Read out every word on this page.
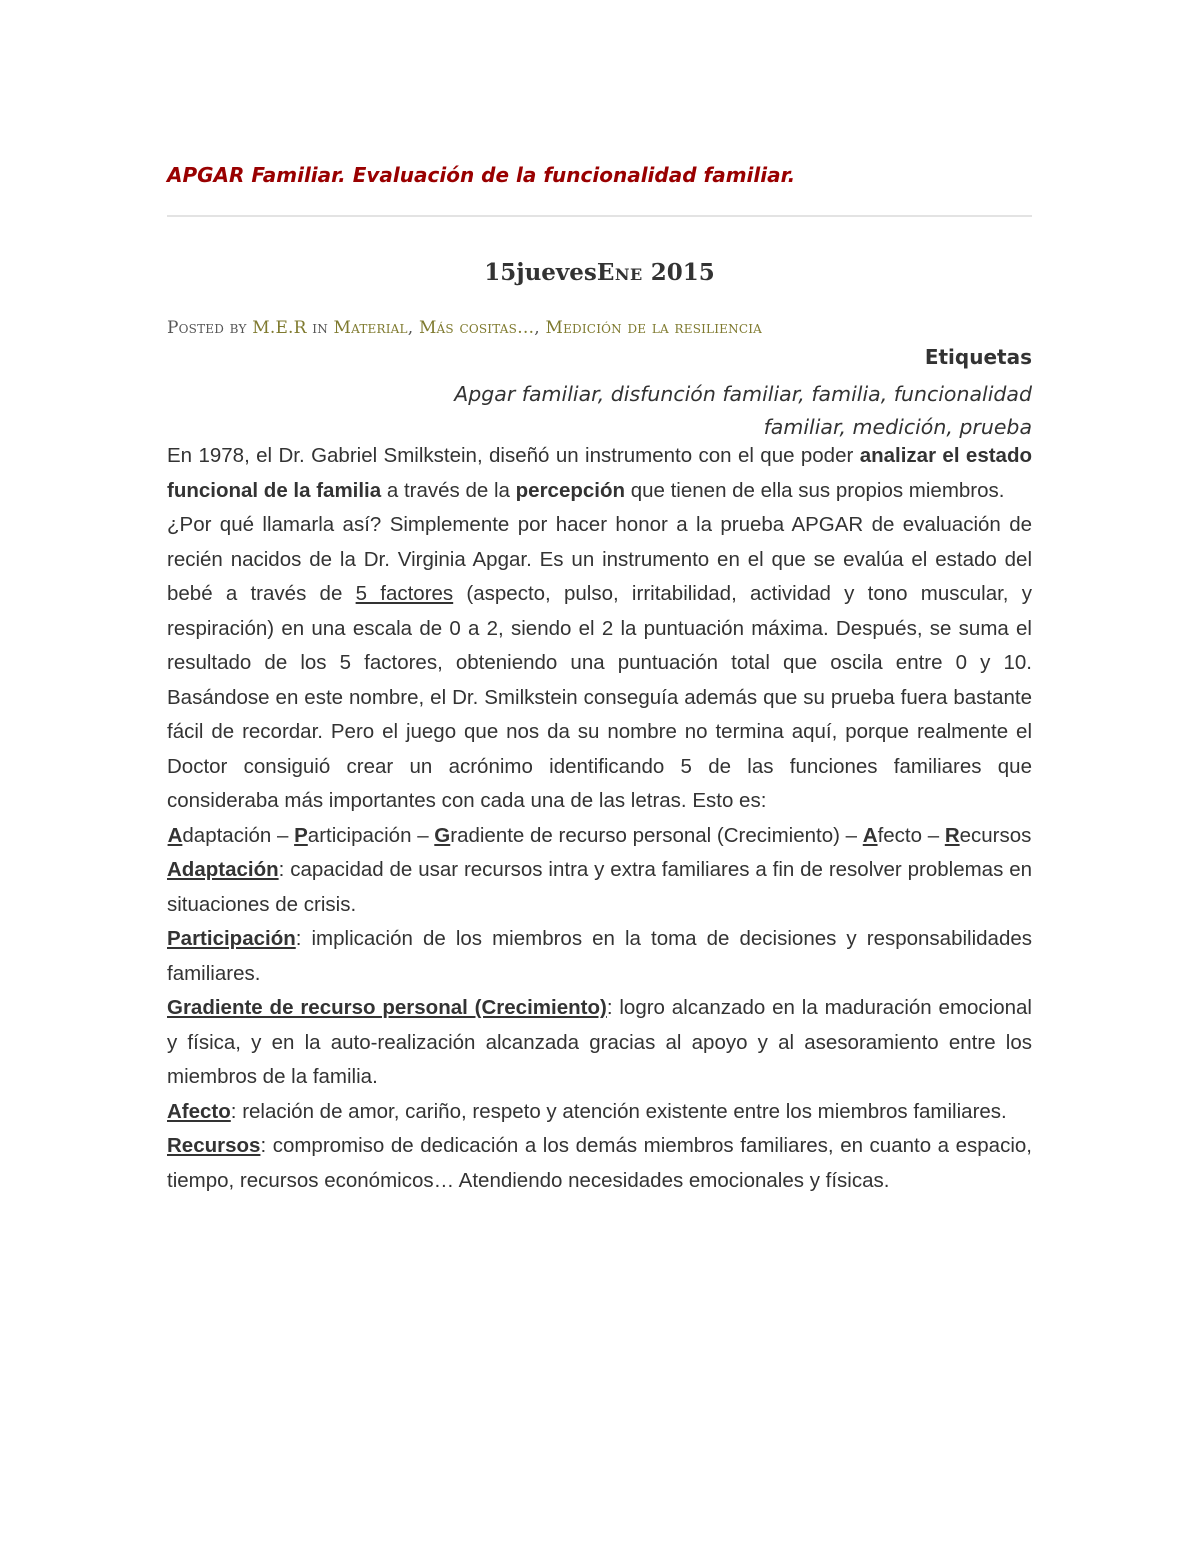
APGAR Familiar. Evaluación de la funcionalidad familiar.
15juevesEne 2015
Posted by M.E.R in Material, Más cositas…, Medición de la resiliencia
Etiquetas
Apgar familiar, disfunción familiar, familia, funcionalidad familiar, medición, prueba

En 1978, el Dr. Gabriel Smilkstein, diseñó un instrumento con el que poder analizar el estado funcional de la familia a través de la percepción que tienen de ella sus propios miembros.

¿Por qué llamarla así? Simplemente por hacer honor a la prueba APGAR de evaluación de recién nacidos de la Dr. Virginia Apgar. Es un instrumento en el que se evalúa el estado del bebé a través de 5 factores (aspecto, pulso, irritabilidad, actividad y tono muscular, y respiración) en una escala de 0 a 2, siendo el 2 la puntuación máxima. Después, se suma el resultado de los 5 factores, obteniendo una puntuación total que oscila entre 0 y 10. Basándose en este nombre, el Dr. Smilkstein conseguía además que su prueba fuera bastante fácil de recordar. Pero el juego que nos da su nombre no termina aquí, porque realmente el Doctor consiguió crear un acrónimo identificando 5 de las funciones familiares que consideraba más importantes con cada una de las letras. Esto es:

Adaptación – Participación – Gradiente de recurso personal (Crecimiento) – Afecto – Recursos

Adaptación: capacidad de usar recursos intra y extra familiares a fin de resolver problemas en situaciones de crisis.

Participación: implicación de los miembros en la toma de decisiones y responsabilidades familiares.

Gradiente de recurso personal (Crecimiento): logro alcanzado en la maduración emocional y física, y en la auto-realización alcanzada gracias al apoyo y al asesoramiento entre los miembros de la familia.

Afecto: relación de amor, cariño, respeto y atención existente entre los miembros familiares.

Recursos: compromiso de dedicación a los demás miembros familiares, en cuanto a espacio, tiempo, recursos económicos… Atendiendo necesidades emocionales y físicas.
